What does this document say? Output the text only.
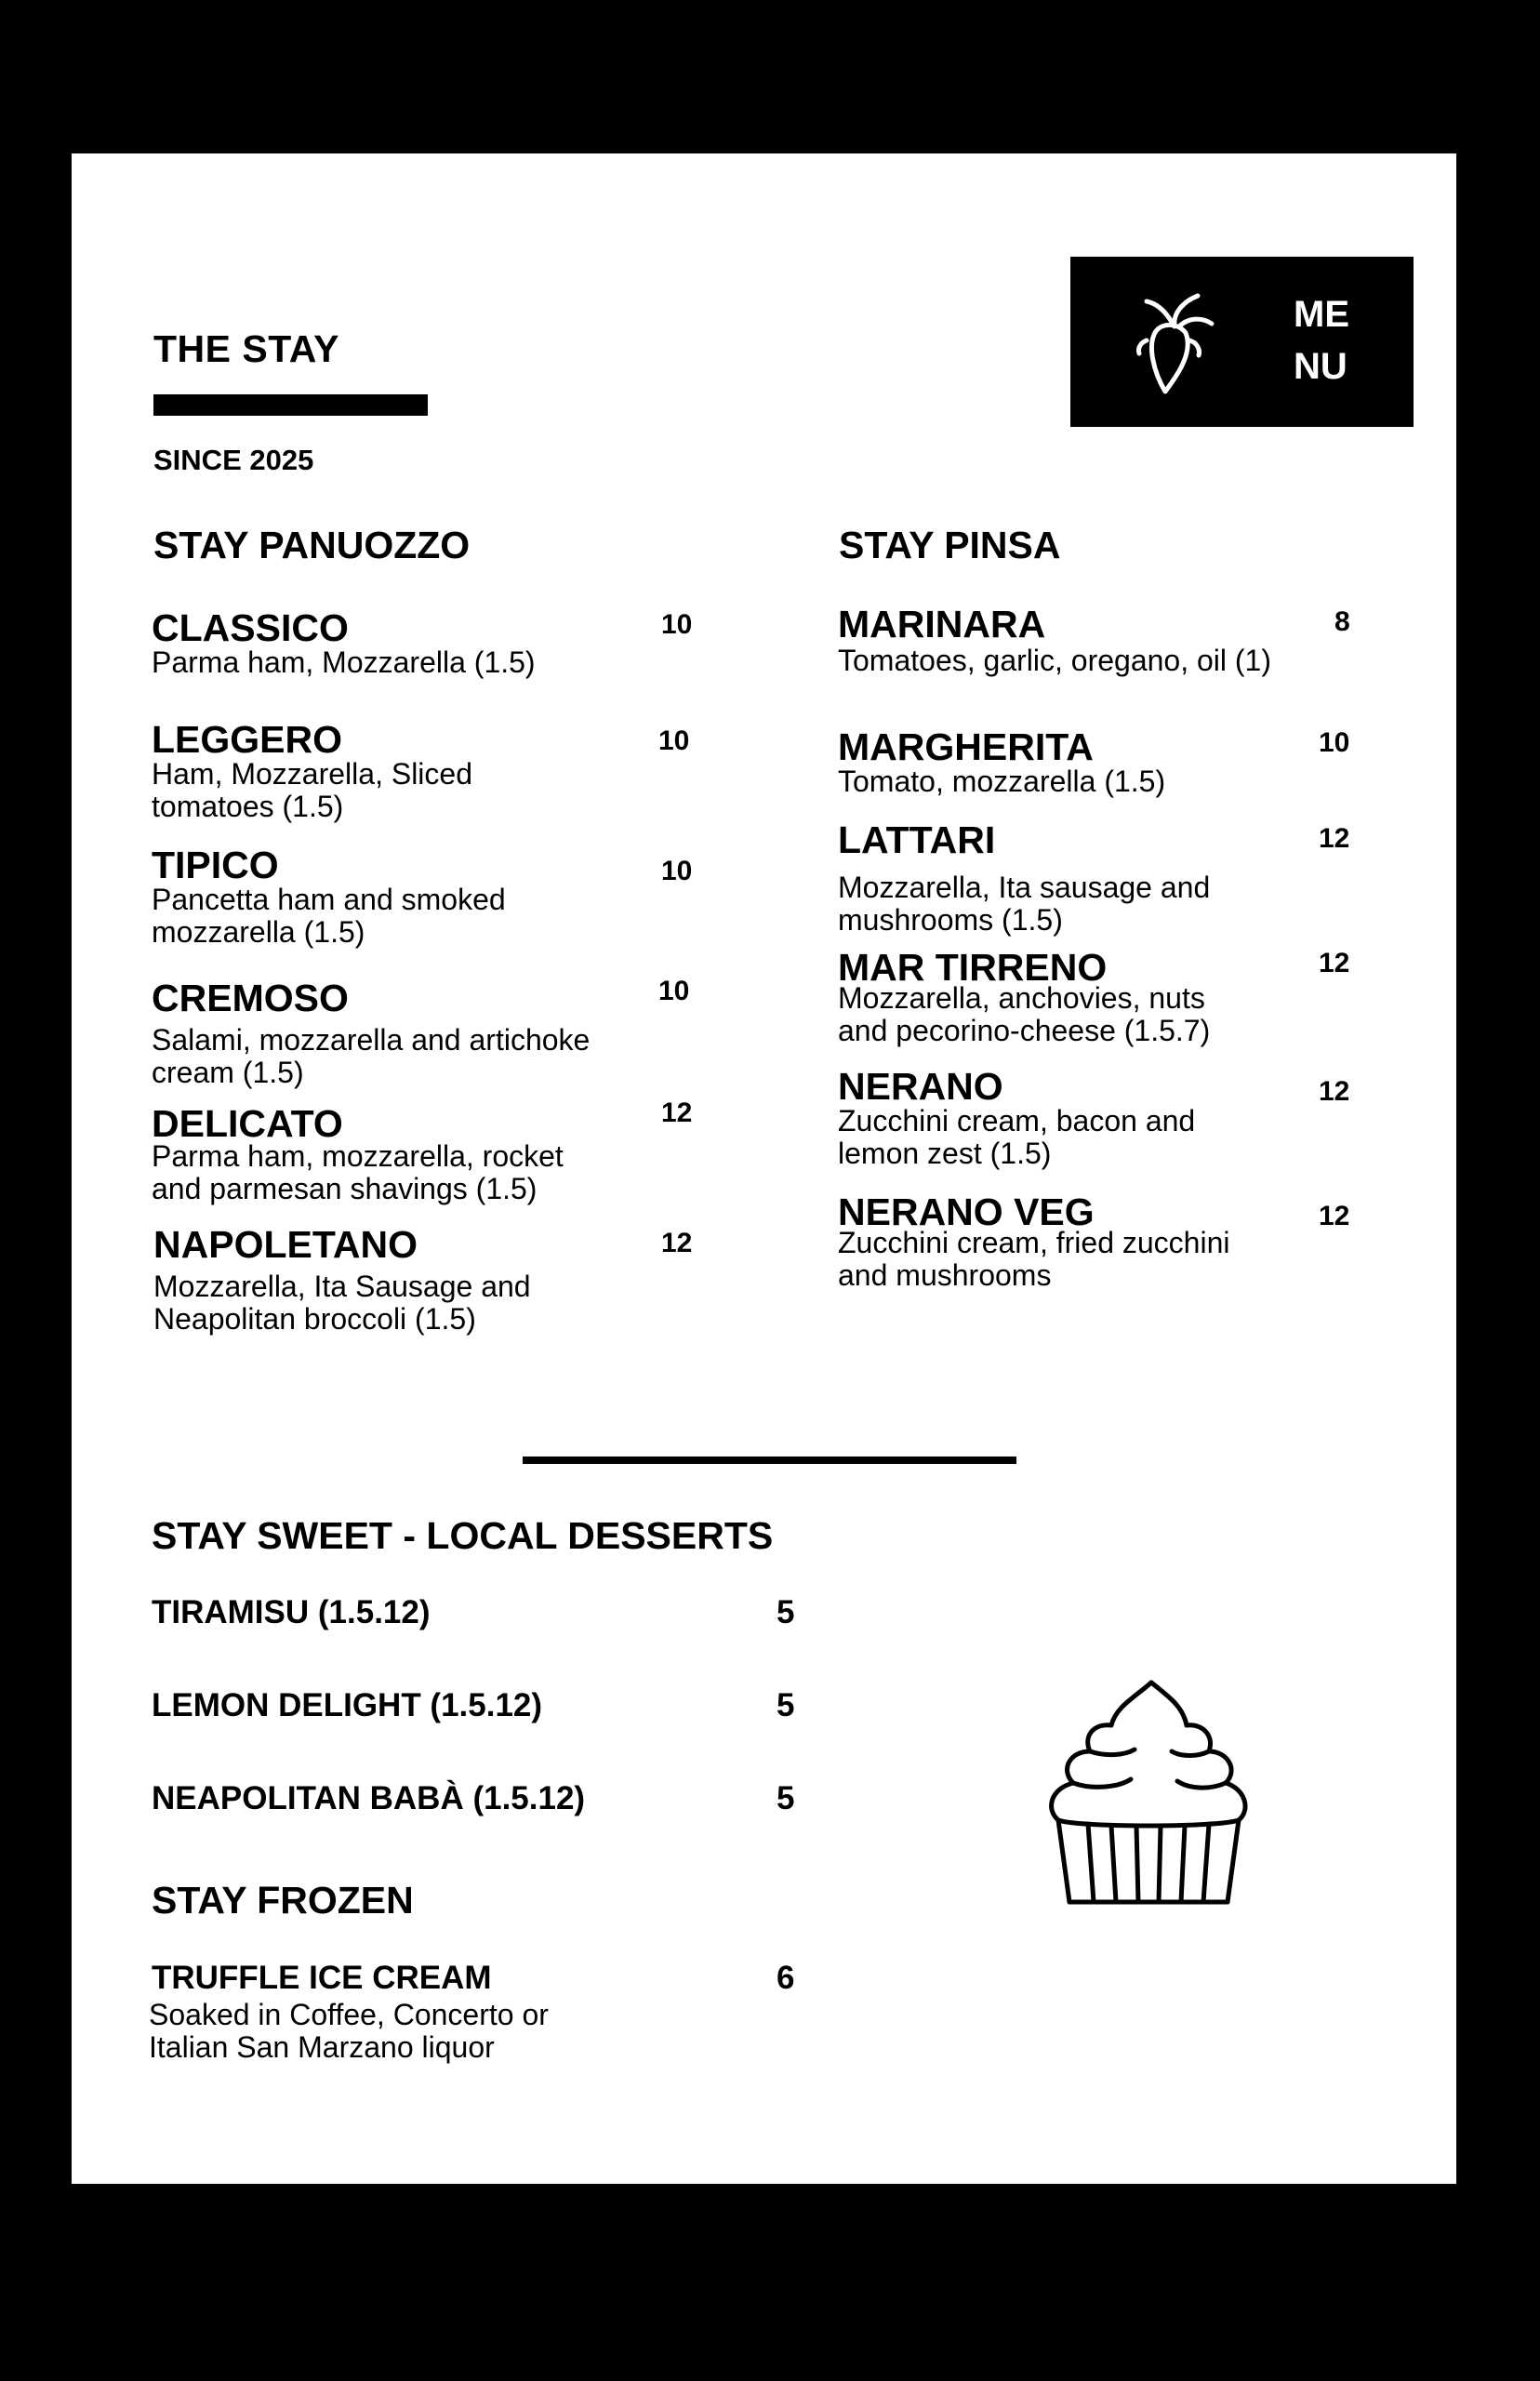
THE STAY
SINCE 2025
ME
NU
STAY PANUOZZO
CLASSICO
Parma ham, Mozzarella (1.5)
10
LEGGERO
Ham, Mozzarella, Sliced
tomatoes (1.5)
10
TIPICO
Pancetta ham and smoked
mozzarella (1.5)
10
CREMOSO
Salami, mozzarella and artichoke
cream (1.5)
10
DELICATO
Parma ham, mozzarella, rocket
and parmesan shavings (1.5)
12
NAPOLETANO
Mozzarella, Ita Sausage and
Neapolitan broccoli (1.5)
12
STAY PINSA
MARINARA
Tomatoes, garlic, oregano, oil (1)
8
MARGHERITA
Tomato, mozzarella (1.5)
10
LATTARI
Mozzarella, Ita sausage and
mushrooms (1.5)
12
MAR TIRRENO
Mozzarella, anchovies, nuts
and pecorino-cheese (1.5.7)
12
NERANO
Zucchini cream, bacon and
lemon zest (1.5)
12
NERANO VEG
Zucchini cream, fried zucchini
and mushrooms
12
STAY SWEET - LOCAL DESSERTS
TIRAMISU (1.5.12)	5
LEMON DELIGHT (1.5.12)	5
NEAPOLITAN BABÀ (1.5.12)	5
STAY FROZEN
TRUFFLE ICE CREAM
Soaked in Coffee, Concerto or
Italian San Marzano liquor
6
